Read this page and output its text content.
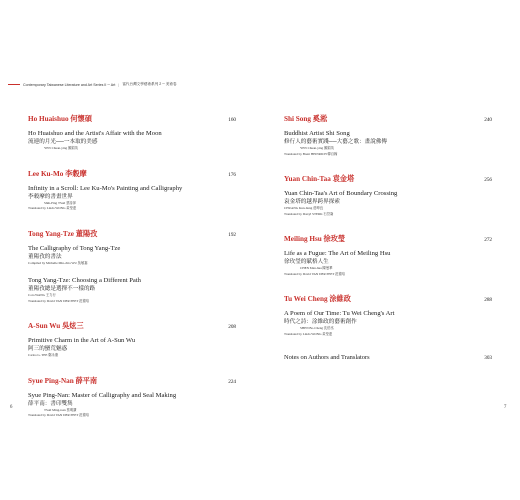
Contemporary Taiwanese Literature and Art Series II ─ Art | 當代台灣文學藝術系列 2 ─ 美術卷
Ho Huaishuo 何懷碩	160
Ho Huaishuo and the Artist's Affair with the Moon
流連的月光──一本取的美感
YEN Chuan-ying 顏娟英
Lee Ku-Mo 李穀摩	176
Infinity in a Scroll: Lee Ku-Mo's Painting and Calligraphy
李穀摩的書畫世界
Shih-Ping TSAI 蔡詩萍
Translated by Linda WONG 黃瑩達
Tong Yang-Tze 董陽孜	192
The Calligraphy of Tong Yang-Tze
董陽孜的書法
Compiled by Michelle Min-chia WU 吳敏嘉
Tong Yang-Tze: Choosing a Different Path
董陽孜總是選擇不一樣的路
Cora WANG 王力行
Translated by David VAN DER PEET 范德培
A-Sun Wu 吳炫三	208
Primitive Charm in the Art of A-Sun Wu
阿三的蠻荒魅惑
Carlos G. TEE 鄭永康
Syue Ping-Nan 薛平南	224
Syue Ping-Nan: Master of Calligraphy and Seal Making
薛平南：書印雙雋
TSAI Ming-tsan 蔡明讚
Translated by David VAN DER PEET 范德培
Shi Song 奚淞	240
Buddhist Artist Shi Song
修行人的藝術實踐──大藝之歌：畫說佛傳
YEN Chuan-ying 顏娟英
Translated by Brent HEINRICH 韓百翰
Yuan Chin-Taa 袁金塔	256
Yuan Chin-Taa's Art of Boundary Crossing
袁金塔的越界跨界探索
CHUANG Kun-liang 莊坤良
Translated by Darryl STERK 石岱崙
Meiling Hsu 徐玫瑩	272
Life as a Fugue: The Art of Meiling Hsu
徐玫瑩的賦格人生
CHEN Man-hua 陳曼華
Translated by David VAN DER PEET 范德培
Tu Wei Cheng 涂維政	288
A Poem of Our Time: Tu Wei Cheng's Art
時代之詩：涂維政的藝術創作
SHEN Bo-Cheng 沈伯丞
Translated by Linda WONG 黃瑩達
Notes on Authors and Translators	303
6	7
